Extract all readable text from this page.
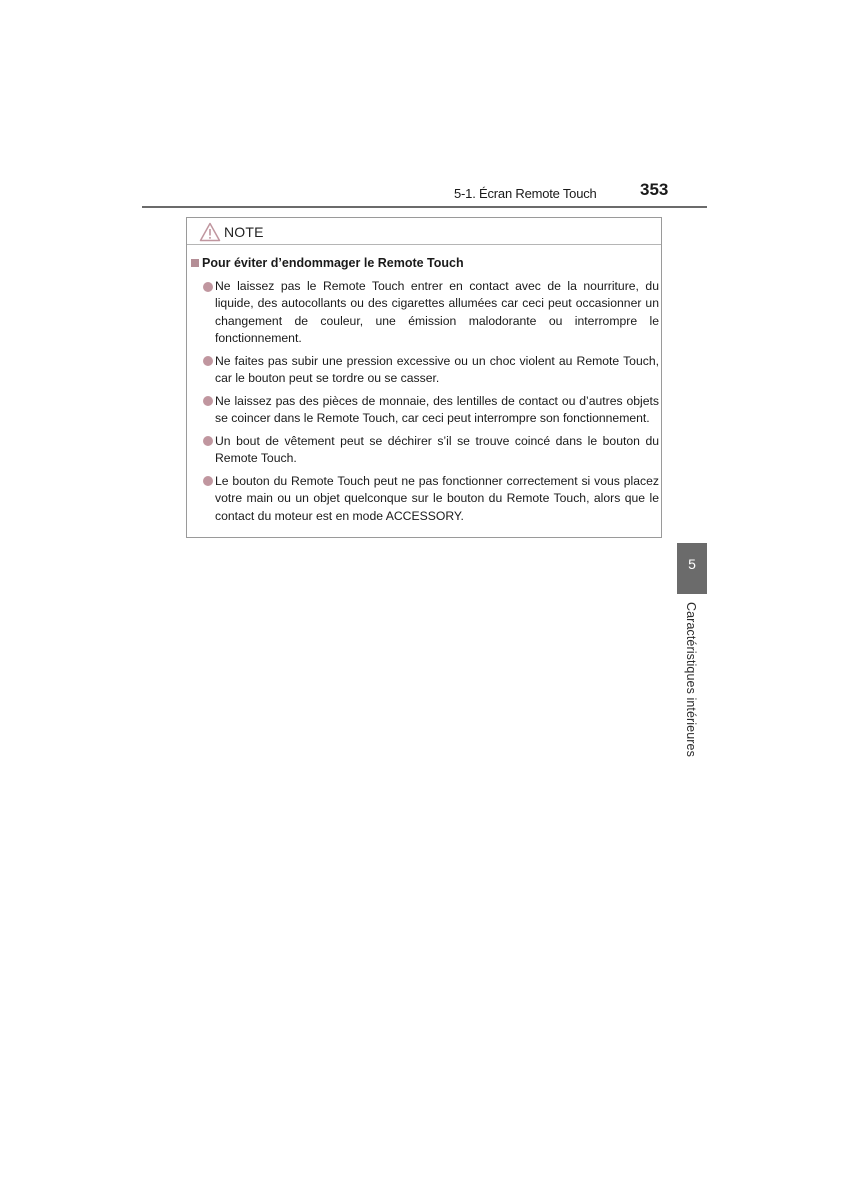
5-1. Écran Remote Touch	353
NOTE
Pour éviter d’endommager le Remote Touch
Ne laissez pas le Remote Touch entrer en contact avec de la nourriture, du liquide, des autocollants ou des cigarettes allumées car ceci peut occasionner un changement de couleur, une émission malodorante ou interrompre le fonctionnement.
Ne faites pas subir une pression excessive ou un choc violent au Remote Touch, car le bouton peut se tordre ou se casser.
Ne laissez pas des pièces de monnaie, des lentilles de contact ou d’autres objets se coincer dans le Remote Touch, car ceci peut interrompre son fonctionnement.
Un bout de vêtement peut se déchirer s’il se trouve coincé dans le bouton du Remote Touch.
Le bouton du Remote Touch peut ne pas fonctionner correctement si vous placez votre main ou un objet quelconque sur le bouton du Remote Touch, alors que le contact du moteur est en mode ACCESSORY.
5
Caractéristiques intérieures
